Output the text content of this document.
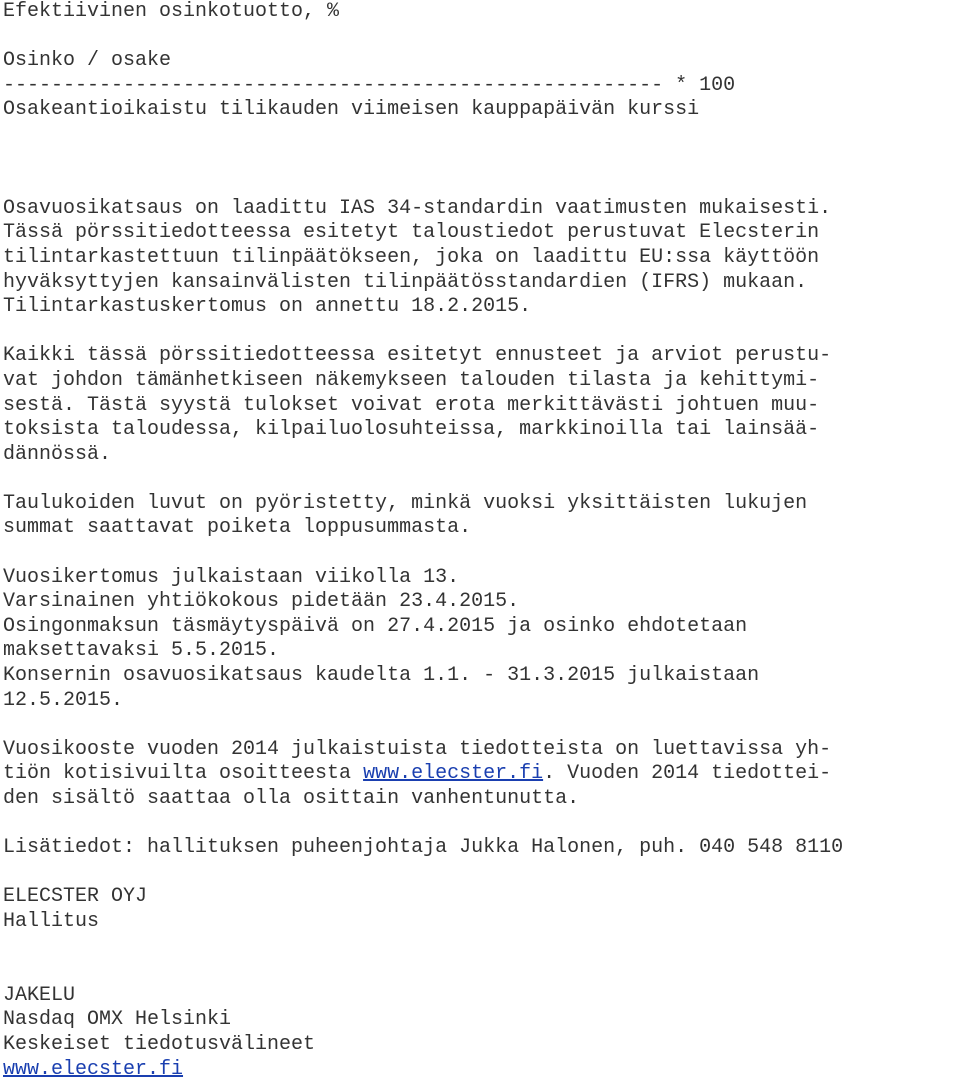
Efektiivinen osinkotuotto, %
Osinko / osake
------------------------------------------------------- * 100
Osakeantioikaistu tilikauden viimeisen kauppapäivän kurssi
Osavuosikatsaus on laadittu IAS 34-standardin vaatimusten mukaisesti.
Tässä pörssitiedotteessa esitetyt taloustiedot perustuvat Elecsterin
tilintarkastettuun tilinpäätökseen, joka on laadittu EU:ssa käyttöön
hyväksyttyjen kansainvälisten tilinpäätösstandardien (IFRS) mukaan.
Tilintarkastuskertomus on annettu 18.2.2015.
Kaikki tässä pörssitiedotteessa esitetyt ennusteet ja arviot perustu-
vat johdon tämänhetkiseen näkemykseen talouden tilasta ja kehittymi-
sestä. Tästä syystä tulokset voivat erota merkittävästi johtuen muu-
toksista taloudessa, kilpailuolosuhteissa, markkinoilla tai lainsää-
dännössä.
Taulukoiden luvut on pyöristetty, minkä vuoksi yksittäisten lukujen
summat saattavat poiketa loppusummasta.
Vuosikertomus julkaistaan viikolla 13.
Varsinainen yhtiökokous pidetään 23.4.2015.
Osingonmaksun täsmäytyspäivä on 27.4.2015 ja osinko ehdotetaan
maksettavaksi 5.5.2015.
Konsernin osavuosikatsaus kaudelta 1.1. - 31.3.2015 julkaistaan
12.5.2015.
Vuosikooste vuoden 2014 julkaistuista tiedotteista on luettavissa yh-
tiön kotisivuilta osoitteesta www.elecster.fi. Vuoden 2014 tiedottei-
den sisältö saattaa olla osittain vanhentunutta.
Lisätiedot: hallituksen puheenjohtaja Jukka Halonen, puh. 040 548 8110
ELECSTER OYJ
Hallitus
JAKELU
Nasdaq OMX Helsinki
Keskeiset tiedotusvälineet
www.elecster.fi
